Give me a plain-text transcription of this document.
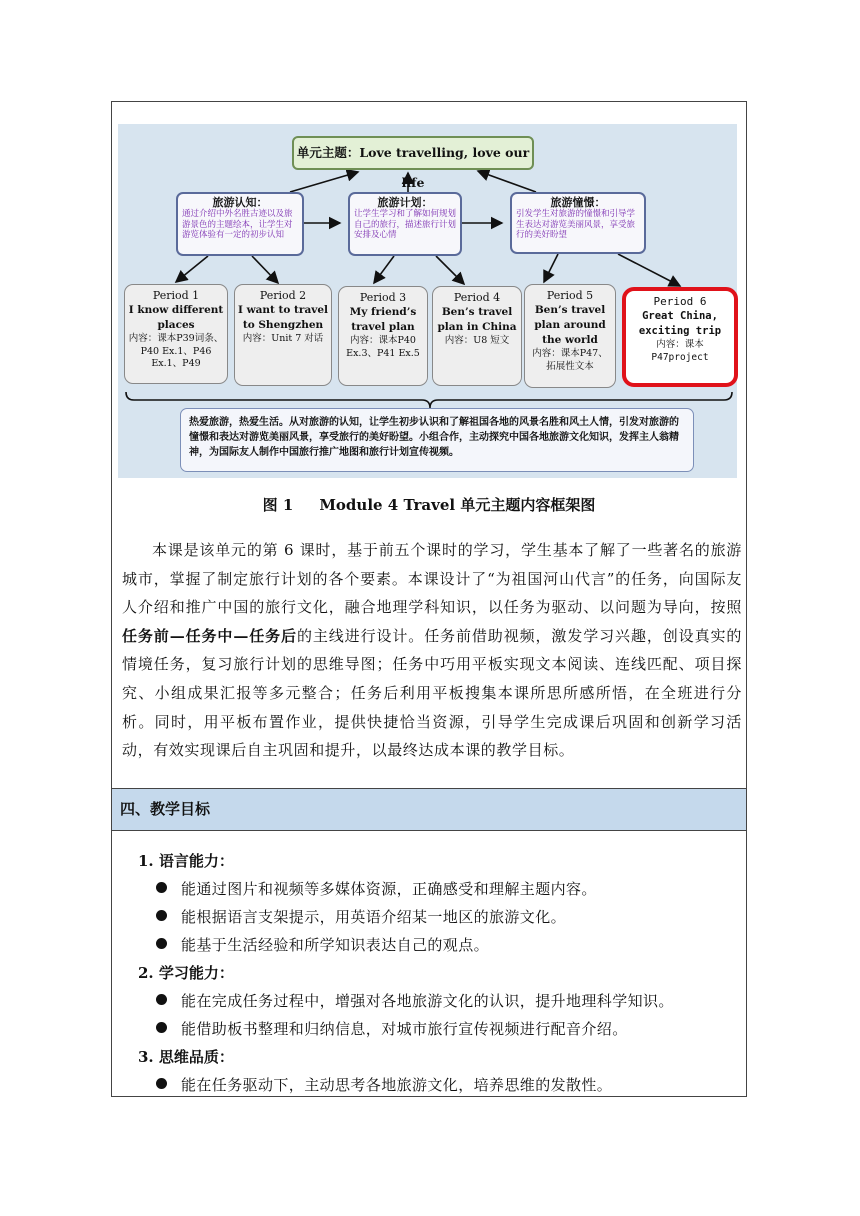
单元主题：Love travelling, love our life
旅游认知：
通过介绍中外名胜古迹以及旅游景色的主题绘本，让学生对游览体验有一定的初步认知
旅游计划：
让学生学习和了解如何规划自己的旅行，描述旅行计划安排及心情
旅游憧憬：
引发学生对旅游的憧憬和引导学生表达对游览美丽风景，享受旅行的美好盼望
Period 1
I know different places
内容：课本P39词条、P40 Ex.1、P46 Ex.1、P49
Period 2
I want to travel to Shengzhen
内容：Unit 7 对话
Period 3
My friend’s travel plan
内容：课本P40 Ex.3、P41 Ex.5
Period 4
Ben’s travel plan in China
内容：U8 短文
Period 5
Ben’s travel plan around the world
内容：课本P47、拓展性文本
Period 6
Great China, exciting trip
内容：课本P47project
热爱旅游，热爱生活。从对旅游的认知，让学生初步认识和了解祖国各地的风景名胜和风土人情，引发对旅游的憧憬和表达对游览美丽风景，享受旅行的美好盼望。小组合作，主动探究中国各地旅游文化知识，发挥主人翁精神，为国际友人制作中国旅行推广地图和旅行计划宣传视频。
图 1 Module 4 Travel 单元主题内容框架图

本课是该单元的第 6 课时，基于前五个课时的学习，学生基本了解了一些著名的旅游城市，掌握了制定旅行计划的各个要素。本课设计了“为祖国河山代言”的任务，向国际友人介绍和推广中国的旅行文化，融合地理学科知识，以任务为驱动、以问题为导向，按照任务前—任务中—任务后的主线进行设计。任务前借助视频，激发学习兴趣，创设真实的情境任务，复习旅行计划的思维导图；任务中巧用平板实现文本阅读、连线匹配、项目探究、小组成果汇报等多元整合；任务后利用平板搜集本课所思所感所悟，在全班进行分析。同时，用平板布置作业，提供快捷恰当资源，引导学生完成课后巩固和创新学习活动，有效实现课后自主巩固和提升，以最终达成本课的教学目标。

四、教学目标
1. 语言能力：
能通过图片和视频等多媒体资源，正确感受和理解主题内容。
能根据语言支架提示，用英语介绍某一地区的旅游文化。
能基于生活经验和所学知识表达自己的观点。
2. 学习能力：
能在完成任务过程中，增强对各地旅游文化的认识，提升地理科学知识。
能借助板书整理和归纳信息，对城市旅行宣传视频进行配音介绍。
3. 思维品质：
能在任务驱动下，主动思考各地旅游文化，培养思维的发散性。
